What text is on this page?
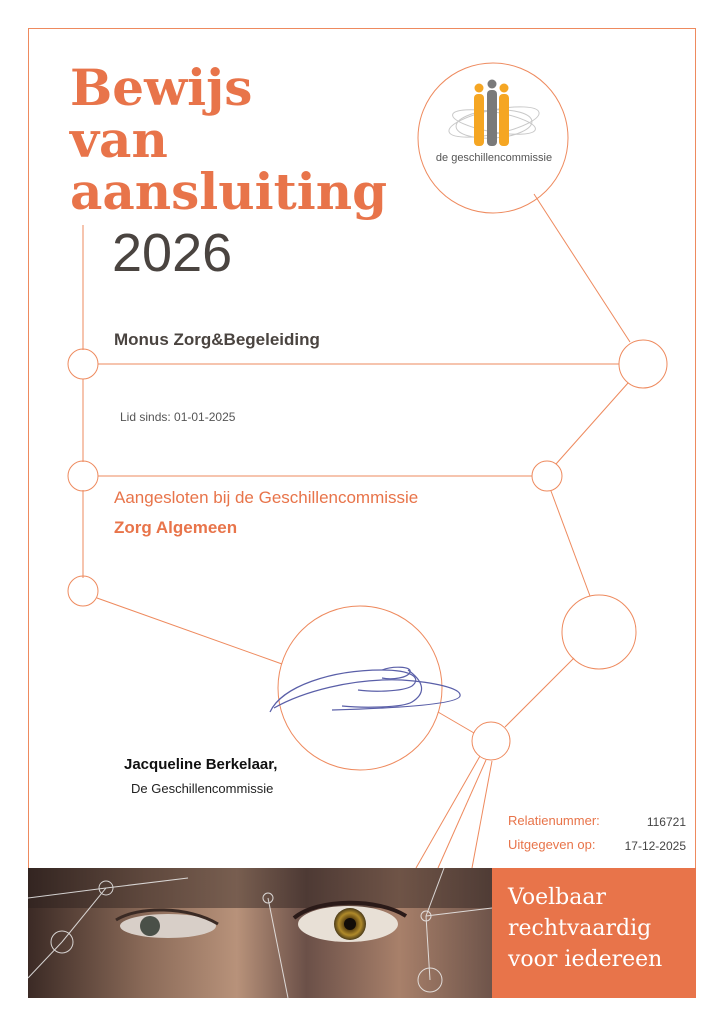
de geschillencommissie
Bewijs
van
aansluiting
2026
Monus Zorg&Begeleiding
Lid sinds: 01-01-2025
Aangesloten bij de Geschillencommissie
Zorg Algemeen
Jacqueline Berkelaar,
De Geschillencommissie
Relatienummer:	116721
Uitgegeven op: 17-12-2025
Voelbaar
rechtvaardig
voor iedereen
